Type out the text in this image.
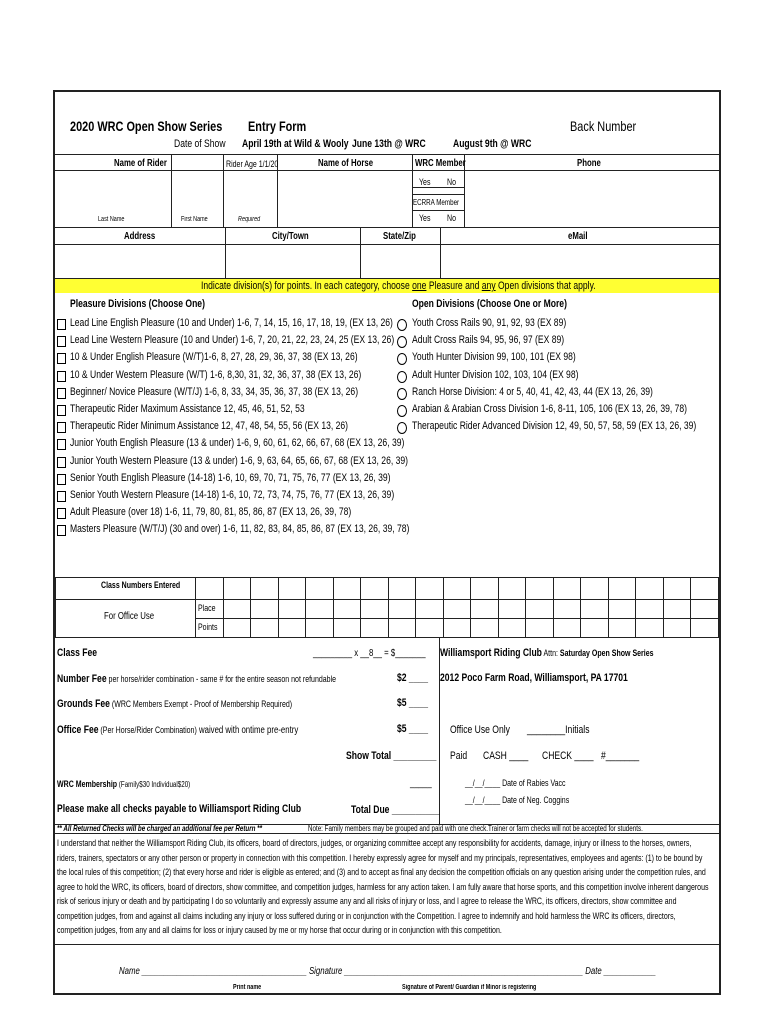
2020 WRC Open Show Series	Entry Form	Back Number
Date of Show	April 19th at Wild & Wooly June 13th @ WRC	August 9th @ WRC
Name of Rider	Rider Age 1/1/20	Name of Horse	WRC Member	Phone
Yes	No
ECRRA Member
Yes	No
Last Name	First Name	Required
Address	City/Town	State/Zip	eMail
Indicate division(s) for points. In each category, choose one Pleasure and any Open divisions that apply.
Pleasure Divisions (Choose One)	Open Divisions (Choose One or More)
Lead Line English Pleasure (10 and Under) 1-6, 7, 14, 15, 16, 17, 18, 19, (EX 13, 26)
Lead Line Western Pleasure (10 and Under) 1-6, 7, 20, 21, 22, 23, 24, 25 (EX 13, 26)
10 & Under English Pleasure (W/T)1-6, 8, 27, 28, 29, 36, 37, 38 (EX 13, 26)
10 & Under Western Pleasure (W/T) 1-6, 8,30, 31, 32, 36, 37, 38 (EX 13, 26)
Beginner/ Novice Pleasure (W/T/J) 1-6, 8, 33, 34, 35, 36, 37, 38 (EX 13, 26)
Therapeutic Rider Maximum Assistance 12, 45, 46, 51, 52, 53
Therapeutic Rider Minimum Assistance 12, 47, 48, 54, 55, 56 (EX 13, 26)
Junior Youth English Pleasure (13 & under) 1-6, 9, 60, 61, 62, 66, 67, 68 (EX 13, 26, 39)
Junior Youth Western Pleasure (13 & under) 1-6, 9, 63, 64, 65, 66, 67, 68 (EX 13, 26, 39)
Senior Youth English Pleasure (14-18) 1-6, 10, 69, 70, 71, 75, 76, 77 (EX 13, 26, 39)
Senior Youth Western Pleasure (14-18) 1-6, 10, 72, 73, 74, 75, 76, 77 (EX 13, 26, 39)
Adult Pleasure (over 18) 1-6, 11, 79, 80, 81, 85, 86, 87 (EX 13, 26, 39, 78)
Masters Pleasure (W/T/J) (30 and over) 1-6, 11, 82, 83, 84, 85, 86, 87 (EX 13, 26, 39, 78)
Youth Cross Rails 90, 91, 92, 93 (EX 89)
Adult Cross Rails 94, 95, 96, 97 (EX 89)
Youth Hunter Division 99, 100, 101 (EX 98)
Adult Hunter Division 102, 103, 104 (EX 98)
Ranch Horse Division: 4 or 5, 40, 41, 42, 43, 44 (EX 13, 26, 39)
Arabian & Arabian Cross Division 1-6, 8-11, 105, 106 (EX 13, 26, 39, 78)
Therapeutic Rider Advanced Division 12, 49, 50, 57, 58, 59 (EX 13, 26, 39)
Class Numbers Entered
For Office Use
Place
Points
Class Fee	_________ x __8__ = $_______
Number Fee per horse/rider combination - same # for the entire season not refundable	$2 ____
Grounds Fee (WRC Members Exempt - Proof of Membership Required)	$5 ____
Office Fee (Per Horse/Rider Combination) waived with ontime pre-entry	$5 ____
Show Total _________
WRC Membership (Family$30 Individual$20)	_____
Please make all checks payable to Williamsport Riding Club	Total Due __________
** All Returned Checks will be charged an additional fee per Return **	Note: Family members may be grouped and paid with one check.Trainer or farm checks will not be accepted for students.
Williamsport Riding Club Attn: Saturday Open Show Series
2012 Poco Farm Road, Williamsport, PA 17701
Office Use Only	________Initials
Paid	CASH ____	CHECK ____ #_______
__/__/____ Date of Rabies Vacc
__/__/____ Date of Neg. Coggins
I understand that neither the Williamsport Riding Club, its officers, board of directors, judges, or organizing committee accept any responsibility for accidents, damage, injury or illness to the horses, owners, riders, trainers, spectators or any other person or property in connection with this competition. I hereby expressly agree for myself and my principals, representatives, employees and agents: (1) to be bound by the local rules of this competition; (2) that every horse and rider is eligible as entered; and (3) and to accept as final any decision the competition officials on any question arising under the competition rules, and agree to hold the WRC, its officers, board of directors, show committee, and competition judges, harmless for any action taken. I am fully aware that horse sports, and this competition involve inherent dangerous risk of serious injury or death and by participating I do so voluntarily and expressly assume any and all risks of injury or loss, and I agree to release the WRC, its officers, directors, show committee and competition judges, from and against all claims including any injury or loss suffered during or in conjunction with the Competition. I agree to indemnify and hold harmless the WRC its officers, directors, competition judges, from any and all claims for loss or injury caused by me or my horse that occur during or in conjunction with this competition.
Name ______________________________________ Signature _______________________________________________________ Date ____________
Print name	Signature of Parent/ Guardian if Minor is registering
